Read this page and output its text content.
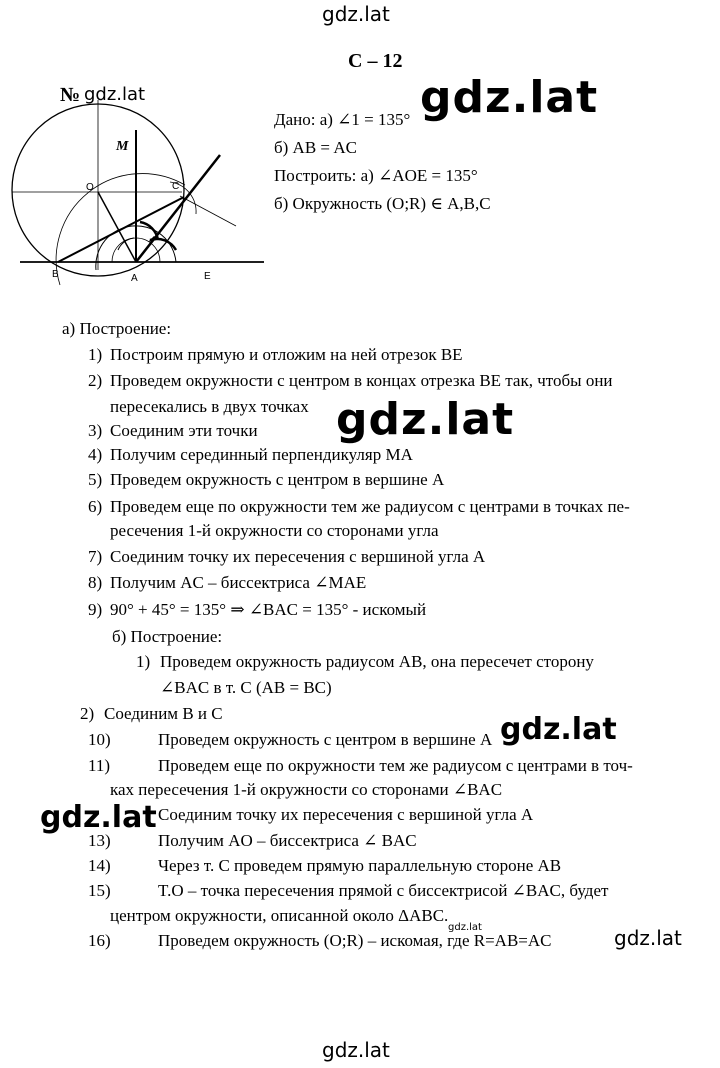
gdz.lat
gdz.lat	gdz.lat
gdz.lat
gdz.lat
gdz.lat
gdz.lat
gdz.lat
gdz.lat
№
С – 12
Дано: а) ∠1 = 135°
б) AB = AC
Построить: а) ∠AOE = 135°
б) Окружность (O;R) ∈ A,B,C
M
O	C
B	A	E
а) Построение:
1) Построим прямую и отложим на ней отрезок BE
2) Проведем окружности с центром в концах отрезка BE так, чтобы они
пересекались в двух точках
3) Соединим эти точки
4) Получим серединный перпендикуляр MA
5) Проведем окружность с центром в вершине A
6) Проведем еще по окружности тем же радиусом с центрами в точках пе-
ресечения 1-й окружности со сторонами угла
7) Соединим точку их пересечения с вершиной угла A
8) Получим AC – биссектриса ∠MAE
9) 90° + 45° = 135° ⇒ ∠BAC = 135° - искомый
б) Построение:
1) Проведем окружность радиусом AB, она пересечет сторону
∠BAC в т. C (AB = BC)
2) Соединим B и C
10)	Проведем окружность с центром в вершине A
11)	Проведем еще по окружности тем же радиусом с центрами в точ-
ках пересечения 1-й окружности со сторонами ∠BAC
Соединим точку их пересечения с вершиной угла A
13)	Получим AO – биссектриса ∠ BAC
14)	Через т. C проведем прямую параллельную стороне AB
15)	T.O – точка пересечения прямой с биссектрисой ∠BAC, будет
центром окружности, описанной около ΔABC.
16)	Проведем окружность (O;R) – искомая, где R=AB=AC
